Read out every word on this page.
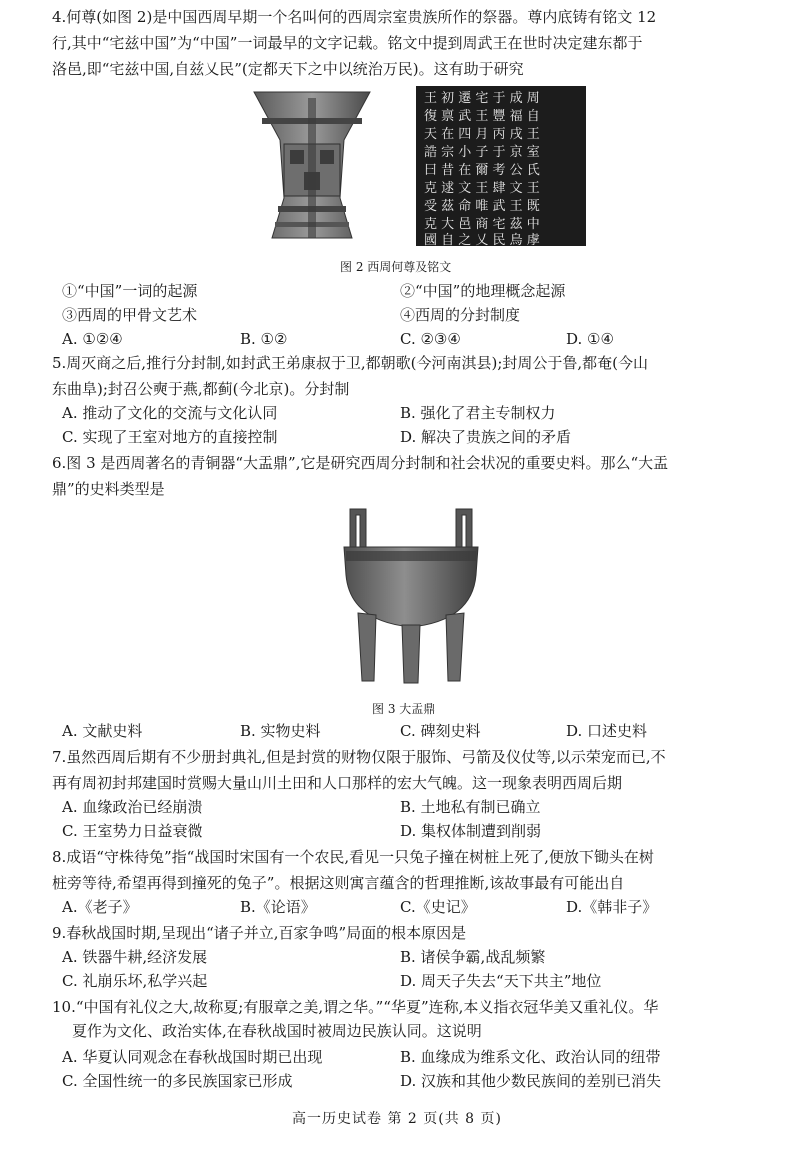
4.何尊(如图 2)是中国西周早期一个名叫何的西周宗室贵族所作的祭器。尊内底铸有铭文 12
行,其中“宅兹中国”为“中国”一词最早的文字记载。铭文中提到周武王在世时决定建东都于
洛邑,即“宅兹中国,自兹乂民”(定都天下之中以统治万民)。这有助于研究
王 初 遷 宅 于 成 周
復 禀 武 王 豐 福 自
天 在 四 月 丙 戌 王
誥 宗 小 子 于 京 室
曰 昔 在 爾 考 公 氏
克 逑 文 王 肆 文 王
受 茲 命 唯 武 王 既
克 大 邑 商 宅 茲 中
國 自 之 乂 民 烏 虖
图 2 西周何尊及铭文
①“中国”一词的起源	②“中国”的地理概念起源
③西周的甲骨文艺术	④西周的分封制度
A. ①②④	B. ①②	C. ②③④	D. ①④
5.周灭商之后,推行分封制,如封武王弟康叔于卫,都朝歌(今河南淇县);封周公于鲁,都奄(今山
东曲阜);封召公奭于燕,都蓟(今北京)。分封制
A. 推动了文化的交流与文化认同	B. 强化了君主专制权力
C. 实现了王室对地方的直接控制	D. 解决了贵族之间的矛盾
6.图 3 是西周著名的青铜器“大盂鼎”,它是研究西周分封制和社会状况的重要史料。那么“大盂
鼎”的史料类型是
图 3 大盂鼎
A. 文献史料	B. 实物史料	C. 碑刻史料	D. 口述史料
7.虽然西周后期有不少册封典礼,但是封赏的财物仅限于服饰、弓箭及仪仗等,以示荣宠而已,不
再有周初封邦建国时赏赐大量山川土田和人口那样的宏大气魄。这一现象表明西周后期
A. 血缘政治已经崩溃	B. 土地私有制已确立
C. 王室势力日益衰微	D. 集权体制遭到削弱
8.成语“守株待兔”指“战国时宋国有一个农民,看见一只兔子撞在树桩上死了,便放下锄头在树
桩旁等待,希望再得到撞死的兔子”。根据这则寓言蕴含的哲理推断,该故事最有可能出自
A.《老子》	B.《论语》	C.《史记》	D.《韩非子》
9.春秋战国时期,呈现出“诸子并立,百家争鸣”局面的根本原因是
A. 铁器牛耕,经济发展	B. 诸侯争霸,战乱频繁
C. 礼崩乐坏,私学兴起	D. 周天子失去“天下共主”地位
10.“中国有礼仪之大,故称夏;有服章之美,谓之华。”“华夏”连称,本义指衣冠华美又重礼仪。华
夏作为文化、政治实体,在春秋战国时被周边民族认同。这说明
A. 华夏认同观念在春秋战国时期已出现	B. 血缘成为维系文化、政治认同的纽带
C. 全国性统一的多民族国家已形成	D. 汉族和其他少数民族间的差别已消失
高一历史试卷 第 2 页(共 8 页)
